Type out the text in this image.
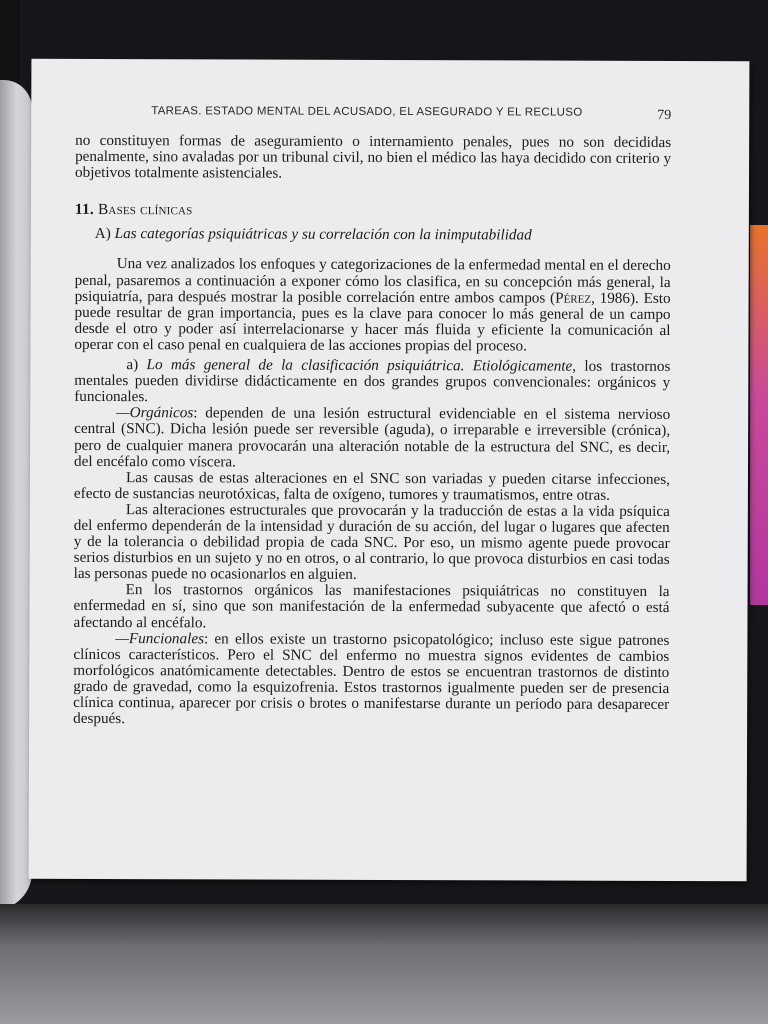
TAREAS. ESTADO MENTAL DEL ACUSADO, EL ASEGURADO Y EL RECLUSO	79

no constituyen formas de aseguramiento o internamiento penales, pues no son decididas penalmente, sino avaladas por un tribunal civil, no bien el médico las haya decidido con criterio y objetivos totalmente asistenciales.

11. Bases clínicas

A) Las categorías psiquiátricas y su correlación con la inimputabilidad

Una vez analizados los enfoques y categorizaciones de la enfermedad mental en el derecho penal, pasaremos a continuación a exponer cómo los clasifica, en su concepción más general, la psiquiatría, para después mostrar la posible correlación entre ambos campos (Pérez, 1986). Esto puede resultar de gran importancia, pues es la clave para conocer lo más general de un campo desde el otro y poder así interrelacionarse y hacer más fluida y eficiente la comunicación al operar con el caso penal en cualquiera de las acciones propias del proceso.

a) Lo más general de la clasificación psiquiátrica. Etiológicamente, los trastornos mentales pueden dividirse didácticamente en dos grandes grupos convencionales: orgánicos y funcionales.

—Orgánicos: dependen de una lesión estructural evidenciable en el sistema nervioso central (SNC). Dicha lesión puede ser reversible (aguda), o irreparable e irreversible (crónica), pero de cualquier manera provocarán una alteración notable de la estructura del SNC, es decir, del encéfalo como víscera.

Las causas de estas alteraciones en el SNC son variadas y pueden citarse infecciones, efecto de sustancias neurotóxicas, falta de oxígeno, tumores y traumatismos, entre otras.

Las alteraciones estructurales que provocarán y la traducción de estas a la vida psíquica del enfermo dependerán de la intensidad y duración de su acción, del lugar o lugares que afecten y de la tolerancia o debilidad propia de cada SNC. Por eso, un mismo agente puede provocar serios disturbios en un sujeto y no en otros, o al contrario, lo que provoca disturbios en casi todas las personas puede no ocasionarlos en alguien.

En los trastornos orgánicos las manifestaciones psiquiátricas no constituyen la enfermedad en sí, sino que son manifestación de la enfermedad subyacente que afectó o está afectando al encéfalo.

—Funcionales: en ellos existe un trastorno psicopatológico; incluso este sigue patrones clínicos característicos. Pero el SNC del enfermo no muestra signos evidentes de cambios morfológicos anatómicamente detectables. Dentro de estos se encuentran trastornos de distinto grado de gravedad, como la esquizofrenia. Estos trastornos igualmente pueden ser de presencia clínica continua, aparecer por crisis o brotes o manifestarse durante un período para desaparecer después.
